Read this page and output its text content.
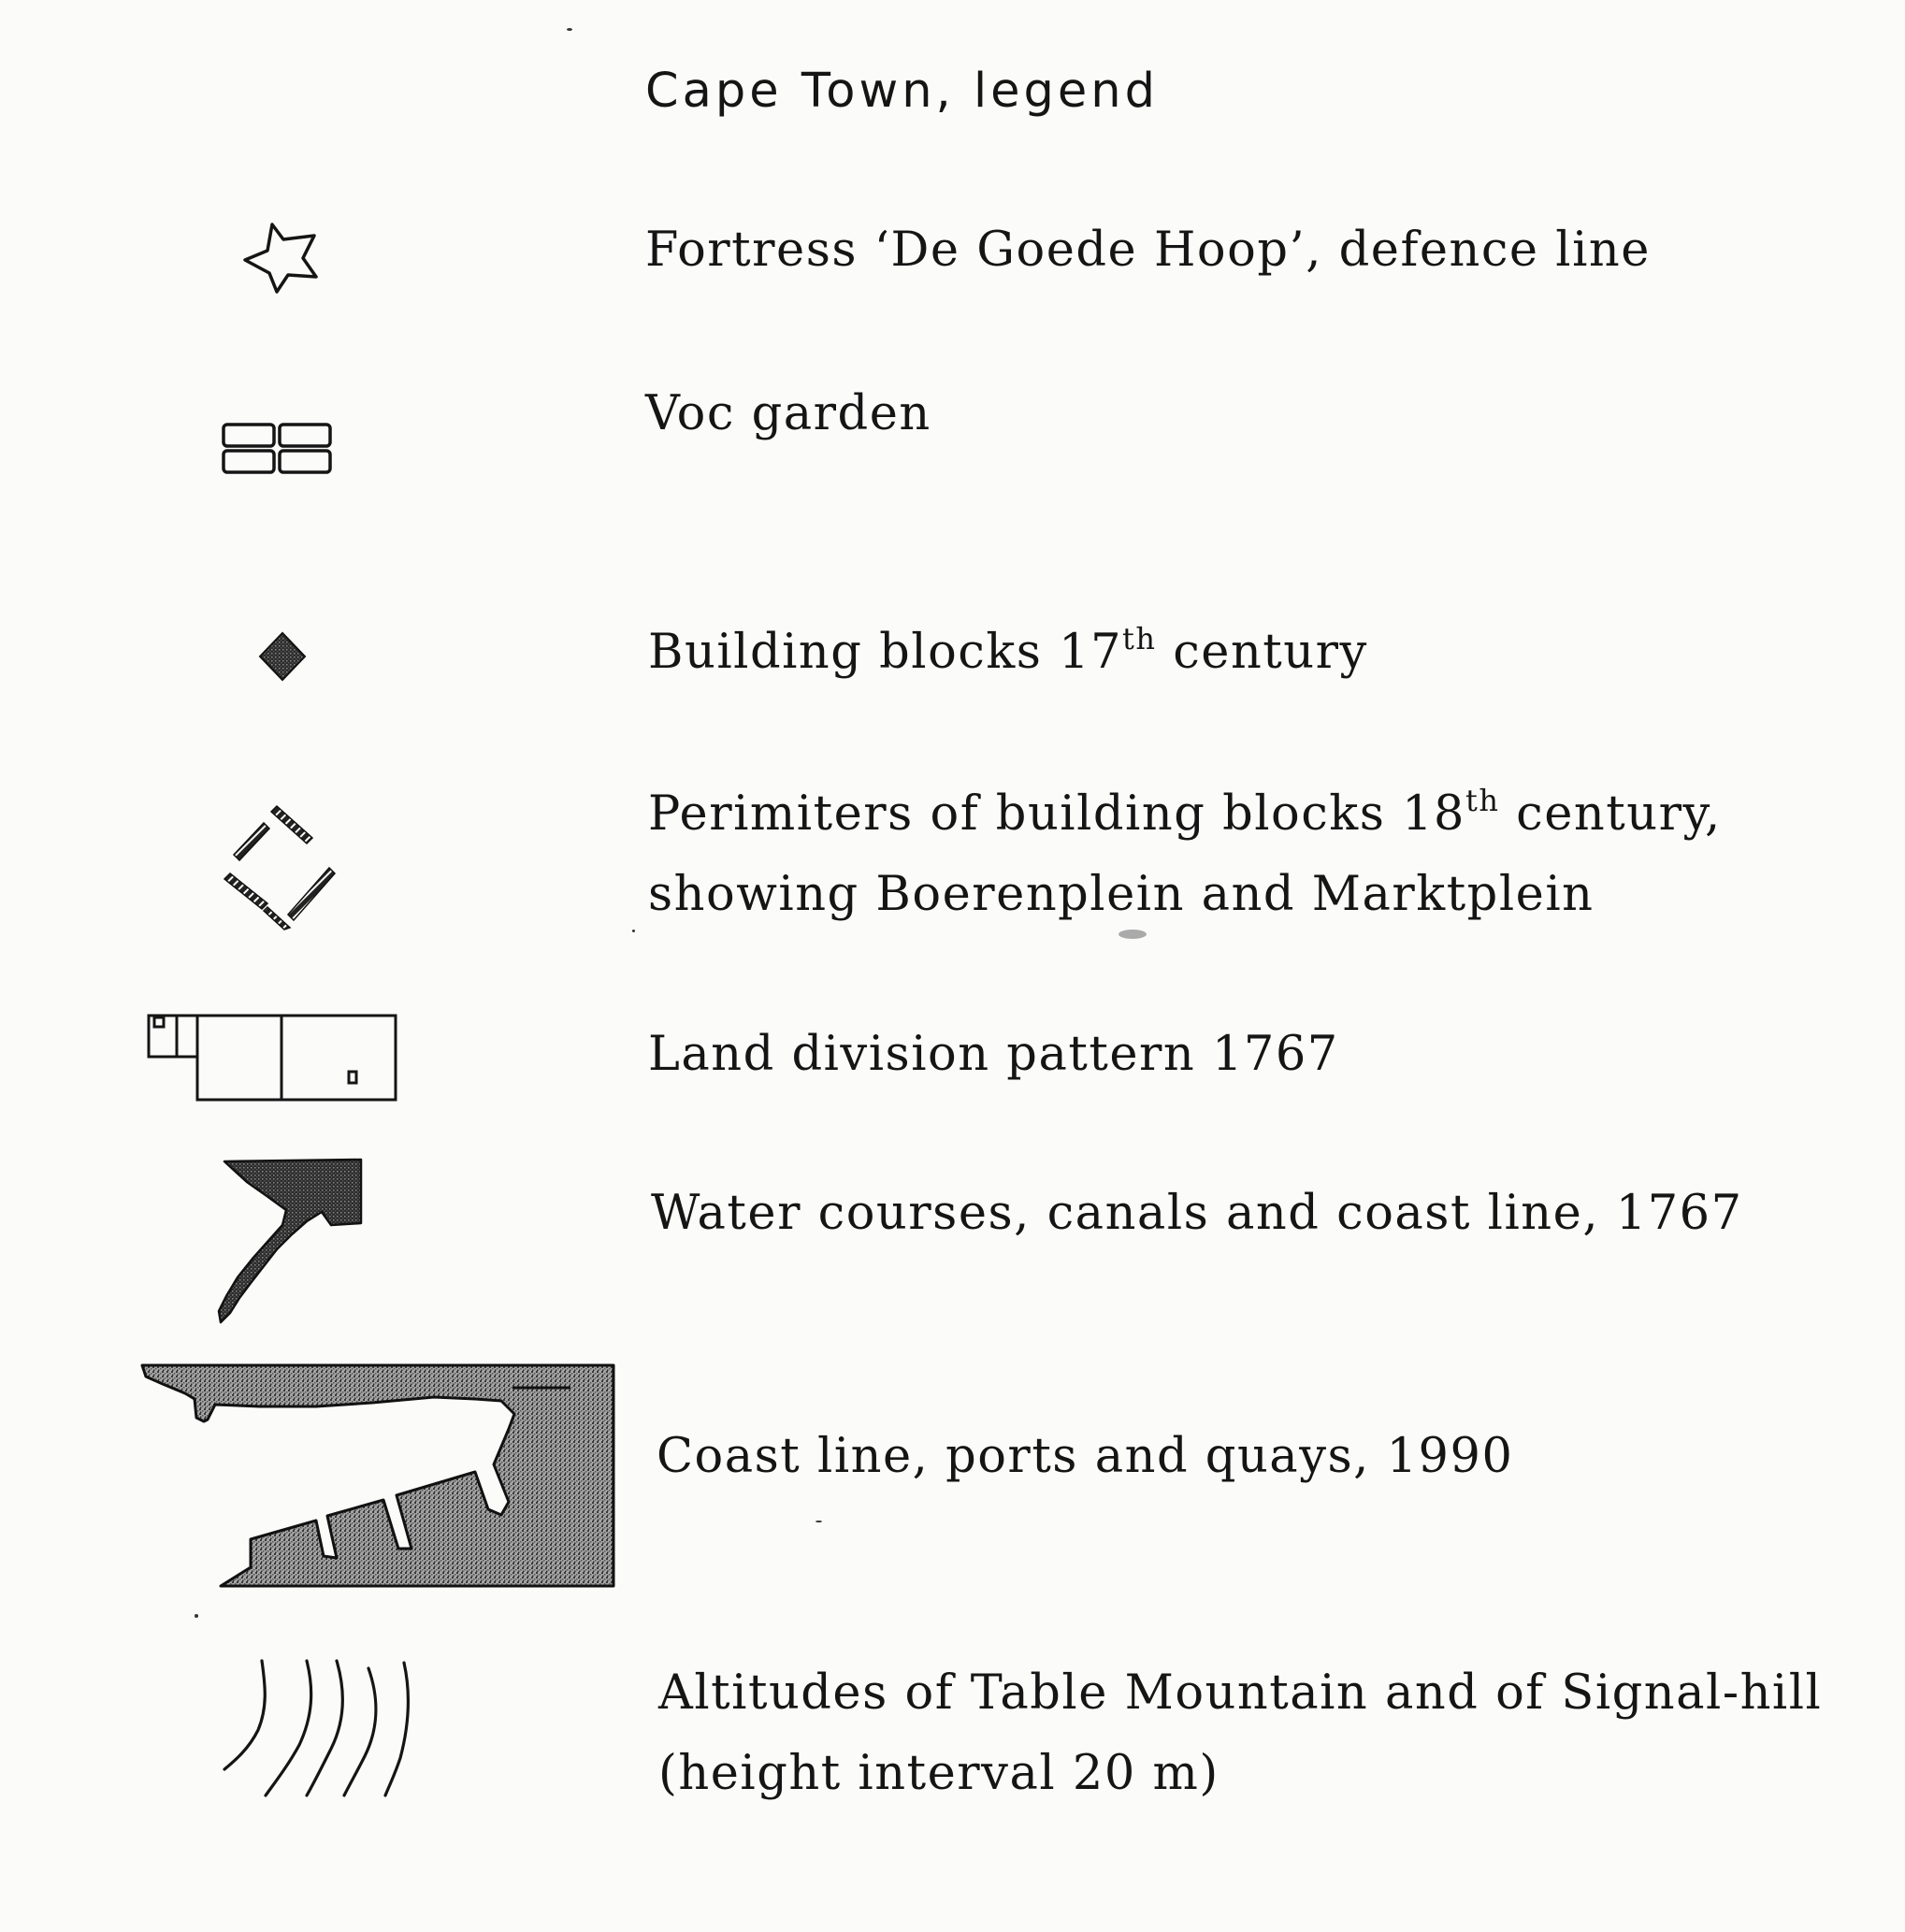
Cape Town, legend
Fortress ‘De Goede Hoop’, defence line
Voc garden
Building blocks 17th century
Perimiters of building blocks 18th century,
showing Boerenplein and Marktplein
Land division pattern 1767
Water courses, canals and coast line, 1767
Coast line, ports and quays, 1990
Altitudes of Table Mountain and of Signal-hill
(height interval 20 m)
